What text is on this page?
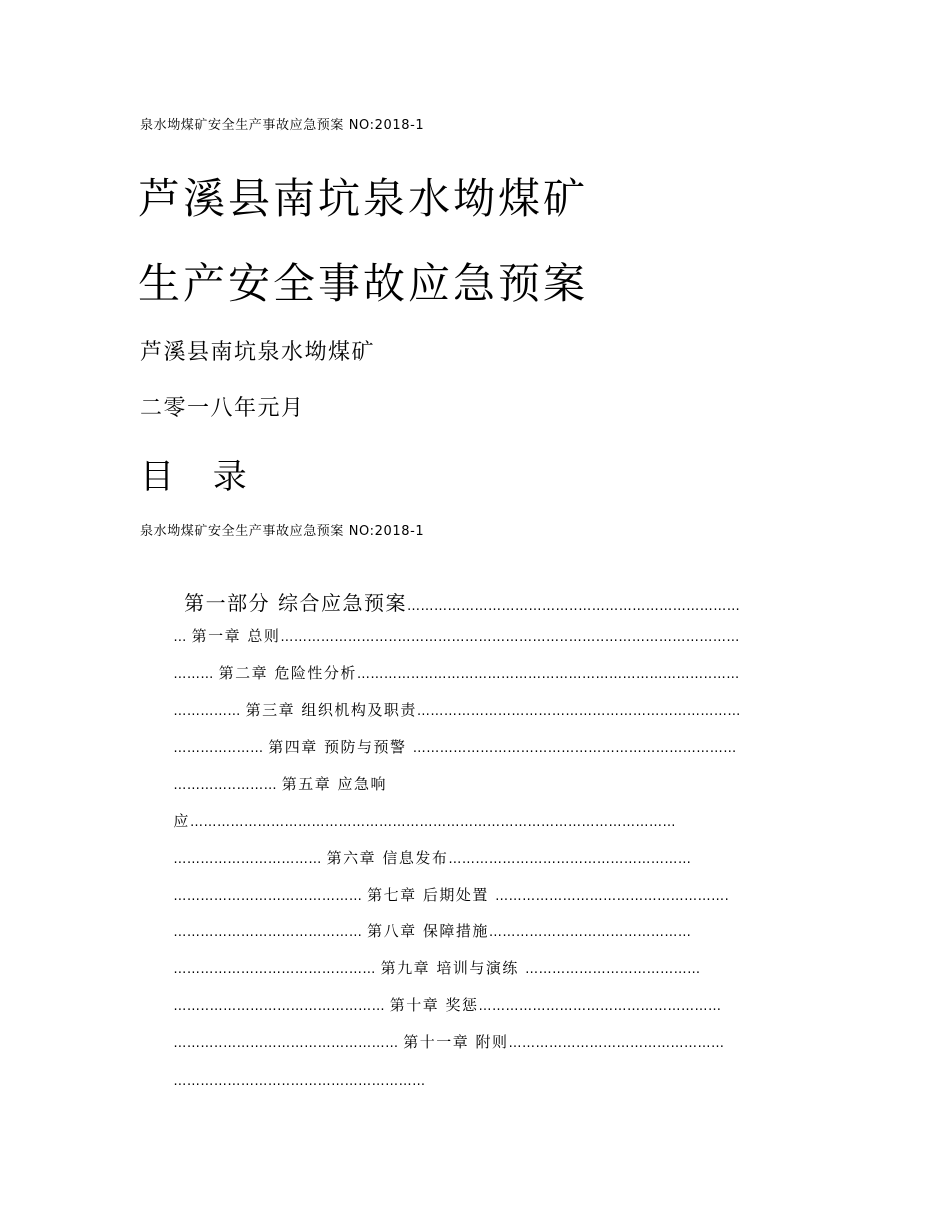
泉水坳煤矿安全生产事故应急预案 NO:2018-1
芦溪县南坑泉水坳煤矿
生产安全事故应急预案
芦溪县南坑泉水坳煤矿
二零一八年元月
目 录
泉水坳煤矿安全生产事故应急预案 NO:2018-1

第一部分 综合应急预案………………………………‥………………………………

… 第一章 总则……………………‥………………………………‥……‥…………………………

……… 第二章 危险性分析…………‥………………………………………………………‥……

…………… 第三章 组织机构及职责………………………………………………………………

…………‥…… 第四章 预防与预警 ………………………………………………………………

…………‥……… 第五章 应急响

应………………………………………………………………………………………………

…………………………… 第六章 信息发布………………………………………………

…………………………………… 第七章 后期处置 …………………………………………….

…………………………………… 第八章 保障措施………………………………………

……………………………………… 第九章 培训与演练 …………………………………

……‥………………………………… 第十章 奖惩………………………………………………

………‥………………………………… 第十一章 附则…………………………………………

……………………‥…………………………
